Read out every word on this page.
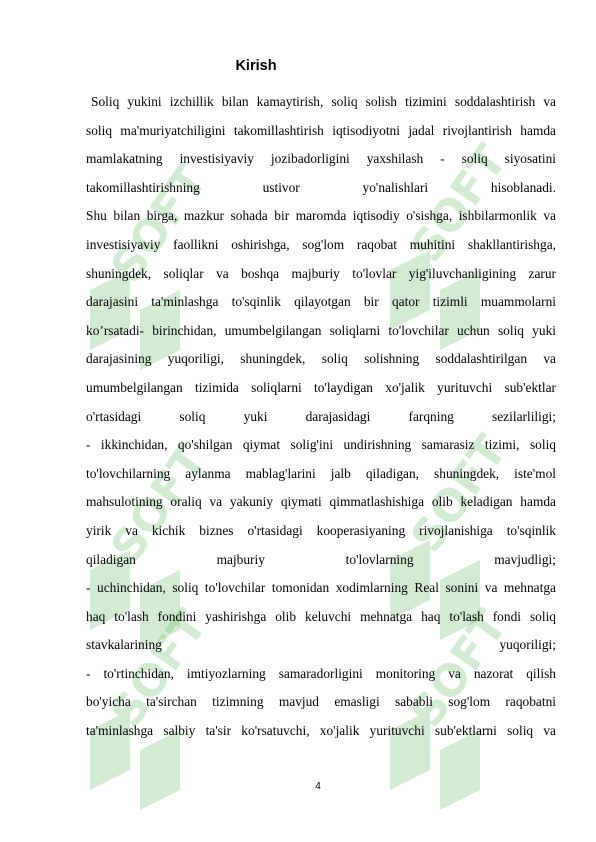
SOFT	SOFT
SOFT	SOFT
SOFT	SOFT
Kirish
Soliq yukini izchillik bilan kamaytirish, soliq solish tizimini soddalashtirish va
soliq ma'muriyatchiligini takomillashtirish iqtisodiyotni jadal rivojlantirish hamda
mamlakatning investisiyaviy jozibadorligini yaxshilash - soliq siyosatini
takomillashtirishning ustivor yo'nalishlari hisoblanadi.
Shu bilan birga, mazkur sohada bir maromda iqtisodiy o'sishga, ishbilarmonlik va
investisiyaviy faollikni oshirishga, sog'lom raqobat muhitini shakllantirishga,
shuningdek, soliqlar va boshqa majburiy to'lovlar yig'iluvchanligining zarur
darajasini ta'minlashga to'sqinlik qilayotgan bir qator tizimli muammolarni
ko’rsatadi- birinchidan, umumbelgilangan soliqlarni to'lovchilar uchun soliq yuki
darajasining yuqoriligi, shuningdek, soliq solishning soddalashtirilgan va
umumbelgilangan tizimida soliqlarni to'laydigan xo'jalik yurituvchi sub'ektlar
o'rtasidagi soliq yuki darajasidagi farqning sezilarliligi;
- ikkinchidan, qo'shilgan qiymat solig'ini undirishning samarasiz tizimi, soliq
to'lovchilarning aylanma mablag'larini jalb qiladigan, shuningdek, iste'mol
mahsulotining oraliq va yakuniy qiymati qimmatlashishiga olib keladigan hamda
yirik va kichik biznes o'rtasidagi kooperasiyaning rivojlanishiga to'sqinlik
qiladigan majburiy to'lovlarning mavjudligi;
- uchinchidan, soliq to'lovchilar tomonidan xodimlarning Real sonini va mehnatga
haq to'lash fondini yashirishga olib keluvchi mehnatga haq to'lash fondi soliq
stavkalarining yuqoriligi;
- to'rtinchidan, imtiyozlarning samaradorligini monitoring va nazorat qilish
bo'yicha ta'sirchan tizimning mavjud emasligi sababli sog'lom raqobatni
ta'minlashga salbiy ta'sir ko'rsatuvchi, xo'jalik yurituvchi sub'ektlarni soliq va
4
